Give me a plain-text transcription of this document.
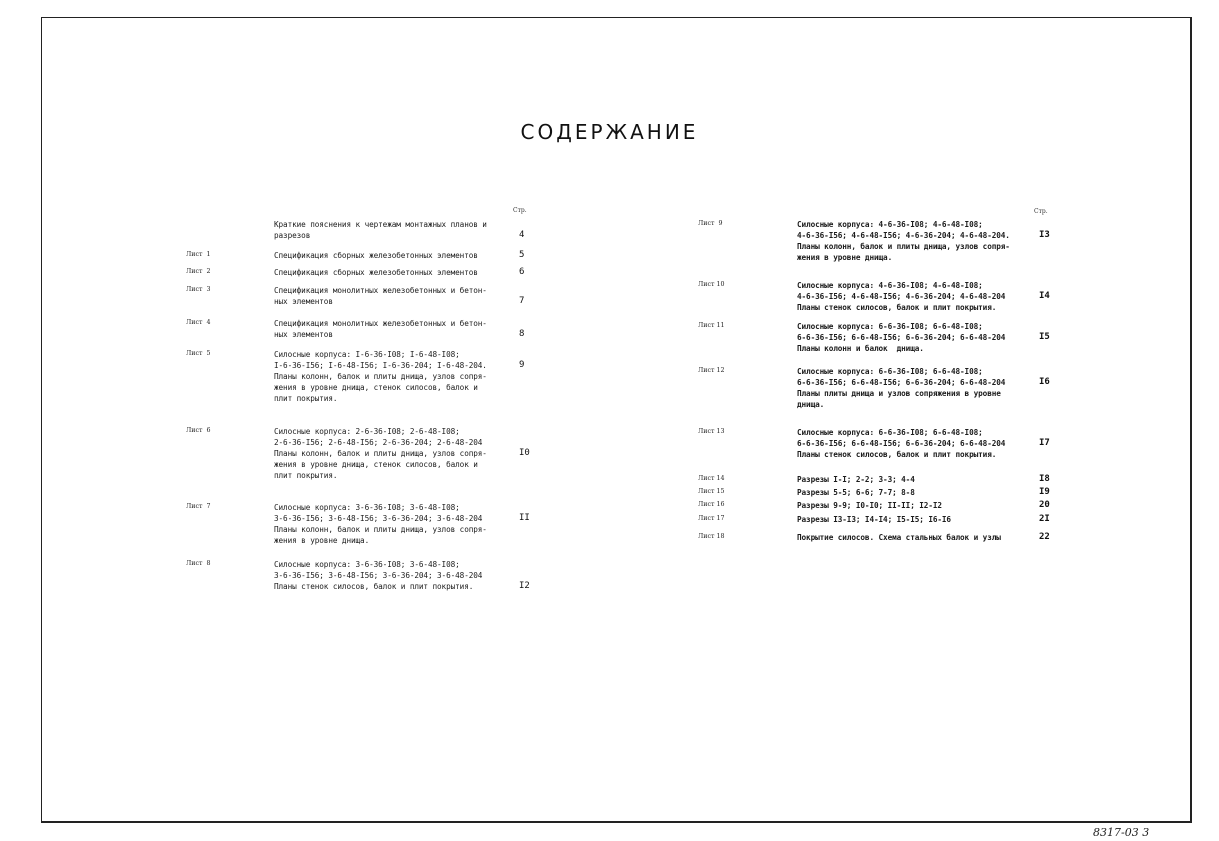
СОДЕРЖАНИЕ
Стр.
Краткие пояснения к чертежам монтажных планов и
разрезов	4
Лист  1	Спецификация сборных железобетонных элементов	5
Лист  2	Спецификация сборных железобетонных элементов	6
Лист  3	Спецификация монолитных железобетонных и бетон-
ных элементов	7
Лист  4	Спецификация монолитных железобетонных и бетон-
ных элементов	8
Лист  5	Силосные корпуса: I-6-36-I08; I-6-48-I08;
I-6-36-I56; I-6-48-I56; I-6-36-204; I-6-48-204.
Планы колонн, балок и плиты днища, узлов сопря-
жения в уровне днища, стенок силосов, балок и
плит покрытия.
9
Лист  6	Силосные корпуса: 2-6-36-I08; 2-6-48-I08;
2-6-36-I56; 2-6-48-I56; 2-6-36-204; 2-6-48-204
Планы колонн, балок и плиты днища, узлов сопря-
жения в уровне днища, стенок силосов, балок и
плит покрытия.
I0
Лист  7	Силосные корпуса: 3-6-36-I08; 3-6-48-I08;
3-6-36-I56; 3-6-48-I56; 3-6-36-204; 3-6-48-204
Планы колонн, балок и плиты днища, узлов сопря-
жения в уровне днища.
II
Лист  8	Силосные корпуса: 3-6-36-I08; 3-6-48-I08;
3-6-36-I56; 3-6-48-I56; 3-6-36-204; 3-6-48-204
Планы стенок силосов, балок и плит покрытия.	I2
Стр.
Лист  9	Силосные корпуса: 4-6-36-I08; 4-6-48-I08;
4-6-36-I56; 4-6-48-I56; 4-6-36-204; 4-6-48-204.
Планы колонн, балок и плиты днища, узлов сопря-
жения в уровне днища.
I3
Лист 10	Силосные корпуса: 4-6-36-I08; 4-6-48-I08;
4-6-36-I56; 4-6-48-I56; 4-6-36-204; 4-6-48-204
Планы стенок силосов, балок и плит покрытия.
I4
Лист 11	Силосные корпуса: 6-6-36-I08; 6-6-48-I08;
6-6-36-I56; 6-6-48-I56; 6-6-36-204; 6-6-48-204
Планы колонн и балок  днища.
I5
Лист 12	Силосные корпуса: 6-6-36-I08; 6-6-48-I08;
6-6-36-I56; 6-6-48-I56; 6-6-36-204; 6-6-48-204
Планы плиты днища и узлов сопряжения в уровне
днища.
I6
Лист 13	Силосные корпуса: 6-6-36-I08; 6-6-48-I08;
6-6-36-I56; 6-6-48-I56; 6-6-36-204; 6-6-48-204
Планы стенок силосов, балок и плит покрытия.
I7
Лист 14	Разрезы I-I; 2-2; 3-3; 4-4	I8
Лист 15	Разрезы 5-5; 6-6; 7-7; 8-8	I9
Лист 16	Разрезы 9-9; I0-I0; II-II; I2-I2	20
Лист 17	Разрезы I3-I3; I4-I4; I5-I5; I6-I6	2I
Лист 18	Покрытие силосов. Схема стальных балок и узлы	22
8317-03 3
